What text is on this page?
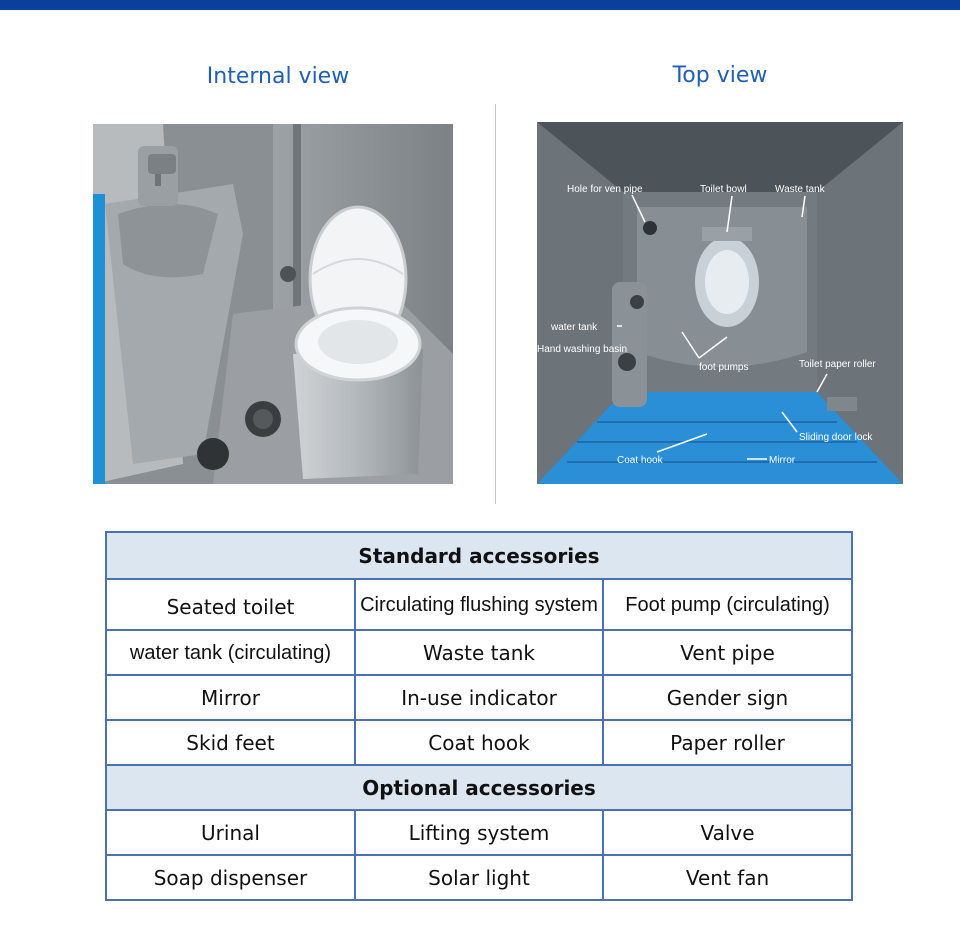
Internal view	Top view
Hole for ven pipe	Toilet bowl	Waste tank
water tank
Hand washing basin
foot pumps	Toilet paper roller
Sliding door lock
Coat hook	Mirror
Standard accessories		
Seated toilet	Circulating flushing system	Foot pump (circulating)
water tank (circulating)	Waste tank	Vent pipe
Mirror	In-use indicator	Gender sign
Skid feet	Coat hook	Paper roller
Optional accessories		
Urinal	Lifting system	Valve
Soap dispenser	Solar light	Vent fan
